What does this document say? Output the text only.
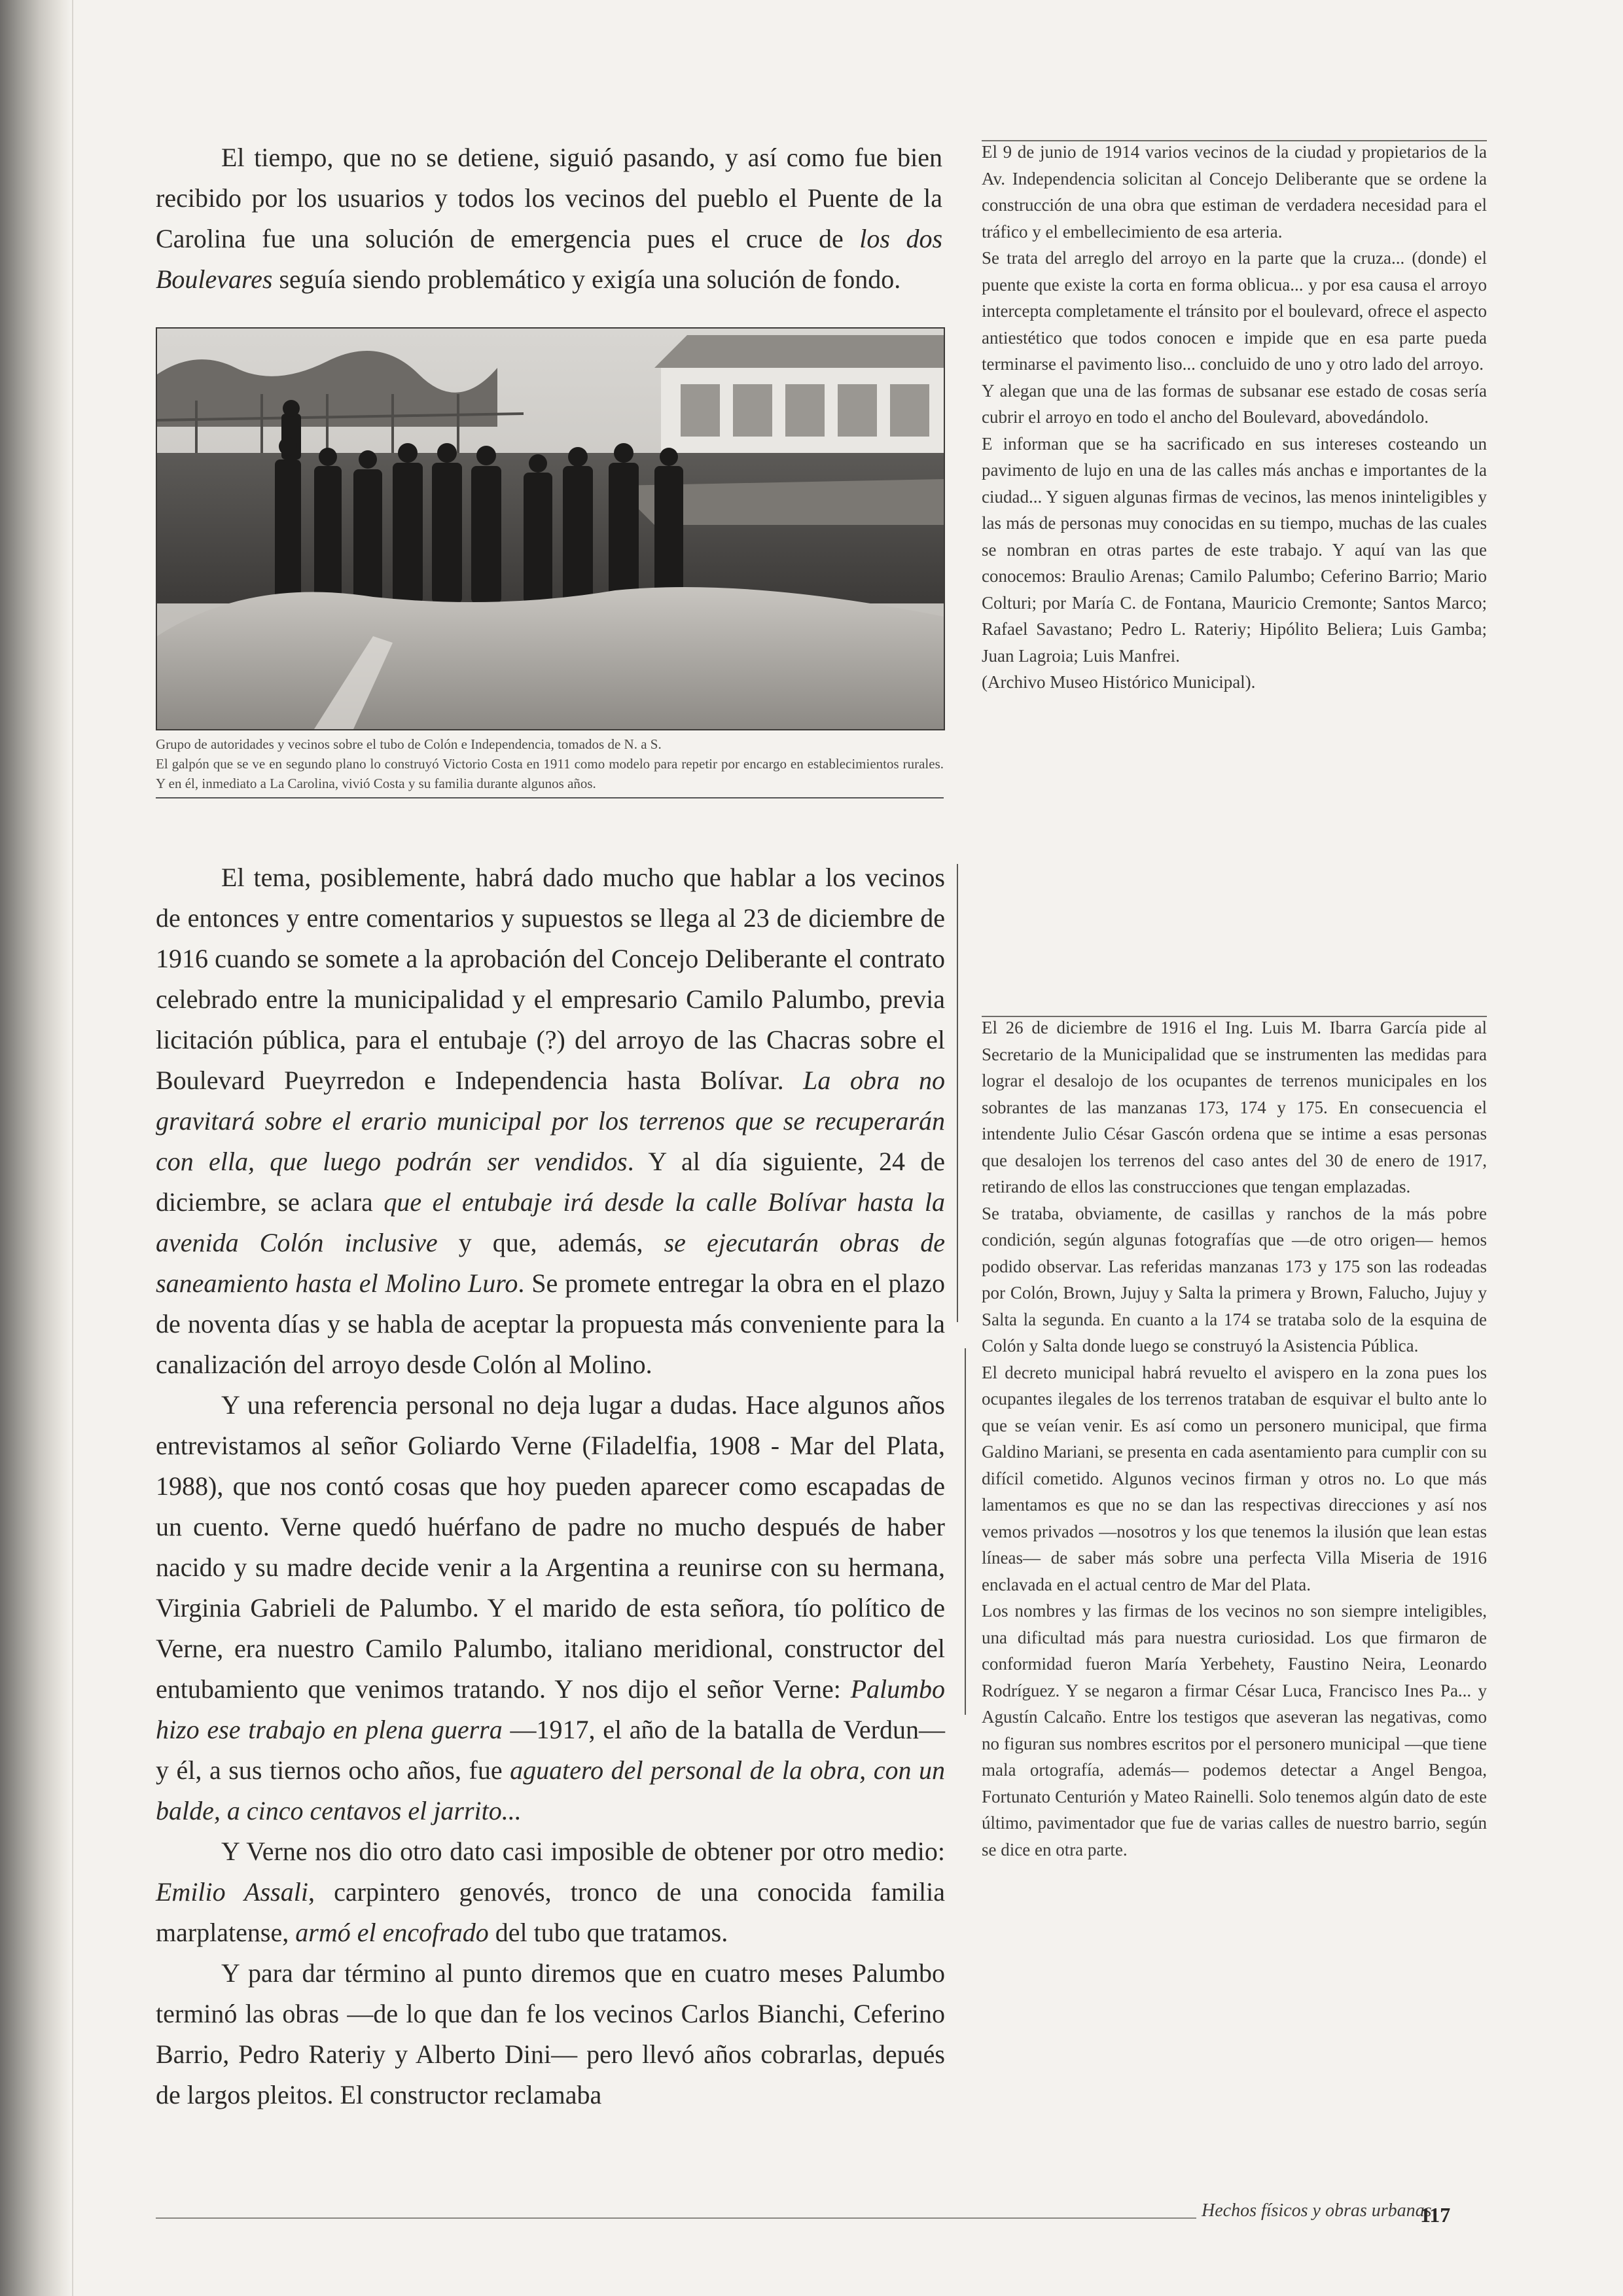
El tiempo, que no se detiene, siguió pasando, y así como fue bien recibido por los usuarios y todos los vecinos del pueblo el Puente de la Carolina fue una solución de emergencia pues el cruce de los dos Boulevares seguía siendo problemático y exigía una solución de fondo.

Grupo de autoridades y vecinos sobre el tubo de Colón e Independencia, tomados de N. a S.

El galpón que se ve en segundo plano lo construyó Victorio Costa en 1911 como modelo para repetir por encargo en establecimientos rurales. Y en él, inmediato a La Carolina, vivió Costa y su familia durante algunos años.

El 9 de junio de 1914 varios vecinos de la ciudad y propietarios de la Av. Independencia solicitan al Concejo Deliberante que se ordene la construcción de una obra que estiman de verdadera necesidad para el tráfico y el embellecimiento de esa arteria.

Se trata del arreglo del arroyo en la parte que la cruza... (donde) el puente que existe la corta en forma oblicua... y por esa causa el arroyo intercepta completamente el tránsito por el boulevard, ofrece el aspecto antiestético que todos conocen e impide que en esa parte pueda terminarse el pavimento liso... concluido de uno y otro lado del arroyo.

Y alegan que una de las formas de subsanar ese estado de cosas sería cubrir el arroyo en todo el ancho del Boulevard, abovedándolo.

E informan que se ha sacrificado en sus intereses costeando un pavimento de lujo en una de las calles más anchas e importantes de la ciudad... Y siguen algunas firmas de vecinos, las menos ininteligibles y las más de personas muy conocidas en su tiempo, muchas de las cuales se nombran en otras partes de este trabajo. Y aquí van las que conocemos: Braulio Arenas; Camilo Palumbo; Ceferino Barrio; Mario Colturi; por María C. de Fontana, Mauricio Cremonte; Santos Marco; Rafael Savastano; Pedro L. Rateriy; Hipólito Beliera; Luis Gamba; Juan Lagroia; Luis Manfrei.

(Archivo Museo Histórico Municipal).

El tema, posiblemente, habrá dado mucho que hablar a los vecinos de entonces y entre comentarios y supuestos se llega al 23 de diciembre de 1916 cuando se somete a la aprobación del Concejo Deliberante el contrato celebrado entre la municipalidad y el empresario Camilo Palumbo, previa licitación pública, para el entubaje (?) del arroyo de las Chacras sobre el Boulevard Pueyrredon e Independencia hasta Bolívar. La obra no gravitará sobre el erario municipal por los terrenos que se recuperarán con ella, que luego podrán ser vendidos. Y al día siguiente, 24 de diciembre, se aclara que el entubaje irá desde la calle Bolívar hasta la avenida Colón inclusive y que, además, se ejecutarán obras de saneamiento hasta el Molino Luro. Se promete entregar la obra en el plazo de noventa días y se habla de aceptar la propuesta más conveniente para la canalización del arroyo desde Colón al Molino.

Y una referencia personal no deja lugar a dudas. Hace algunos años entrevistamos al señor Goliardo Verne (Filadelfia, 1908 - Mar del Plata, 1988), que nos contó cosas que hoy pueden aparecer como escapadas de un cuento. Verne quedó huérfano de padre no mucho después de haber nacido y su madre decide venir a la Argentina a reunirse con su hermana, Virginia Gabrieli de Palumbo. Y el marido de esta señora, tío político de Verne, era nuestro Camilo Palumbo, italiano meridional, constructor del entubamiento que venimos tratando. Y nos dijo el señor Verne: Palumbo hizo ese trabajo en plena guerra —1917, el año de la batalla de Verdun— y él, a sus tiernos ocho años, fue aguatero del personal de la obra, con un balde, a cinco centavos el jarrito...

Y Verne nos dio otro dato casi imposible de obtener por otro medio: Emilio Assali, carpintero genovés, tronco de una conocida familia marplatense, armó el encofrado del tubo que tratamos.

Y para dar término al punto diremos que en cuatro meses Palumbo terminó las obras —de lo que dan fe los vecinos Carlos Bianchi, Ceferino Barrio, Pedro Rateriy y Alberto Dini— pero llevó años cobrarlas, depués de largos pleitos. El constructor reclamaba

El 26 de diciembre de 1916 el Ing. Luis M. Ibarra García pide al Secretario de la Municipalidad que se instrumenten las medidas para lograr el desalojo de los ocupantes de terrenos municipales en los sobrantes de las manzanas 173, 174 y 175. En consecuencia el intendente Julio César Gascón ordena que se intime a esas personas que desalojen los terrenos del caso antes del 30 de enero de 1917, retirando de ellos las construcciones que tengan emplazadas.

Se trataba, obviamente, de casillas y ranchos de la más pobre condición, según algunas fotografías que —de otro origen— hemos podido observar. Las referidas manzanas 173 y 175 son las rodeadas por Colón, Brown, Jujuy y Salta la primera y Brown, Falucho, Jujuy y Salta la segunda. En cuanto a la 174 se trataba solo de la esquina de Colón y Salta donde luego se construyó la Asistencia Pública.

El decreto municipal habrá revuelto el avispero en la zona pues los ocupantes ilegales de los terrenos trataban de esquivar el bulto ante lo que se veían venir. Es así como un personero municipal, que firma Galdino Mariani, se presenta en cada asentamiento para cumplir con su difícil cometido. Algunos vecinos firman y otros no. Lo que más lamentamos es que no se dan las respectivas direcciones y así nos vemos privados —nosotros y los que tenemos la ilusión que lean estas líneas— de saber más sobre una perfecta Villa Miseria de 1916 enclavada en el actual centro de Mar del Plata.

Los nombres y las firmas de los vecinos no son siempre inteligibles, una dificultad más para nuestra curiosidad. Los que firmaron de conformidad fueron María Yerbehety, Faustino Neira, Leonardo Rodríguez. Y se negaron a firmar César Luca, Francisco Ines Pa... y Agustín Calcaño. Entre los testigos que aseveran las negativas, como no figuran sus nombres escritos por el personero municipal —que tiene mala ortografía, además— podemos detectar a Angel Bengoa, Fortunato Centurión y Mateo Rainelli. Solo tenemos algún dato de este último, pavimentador que fue de varias calles de nuestro barrio, según se dice en otra parte.

Hechos físicos y obras urbanas
117
